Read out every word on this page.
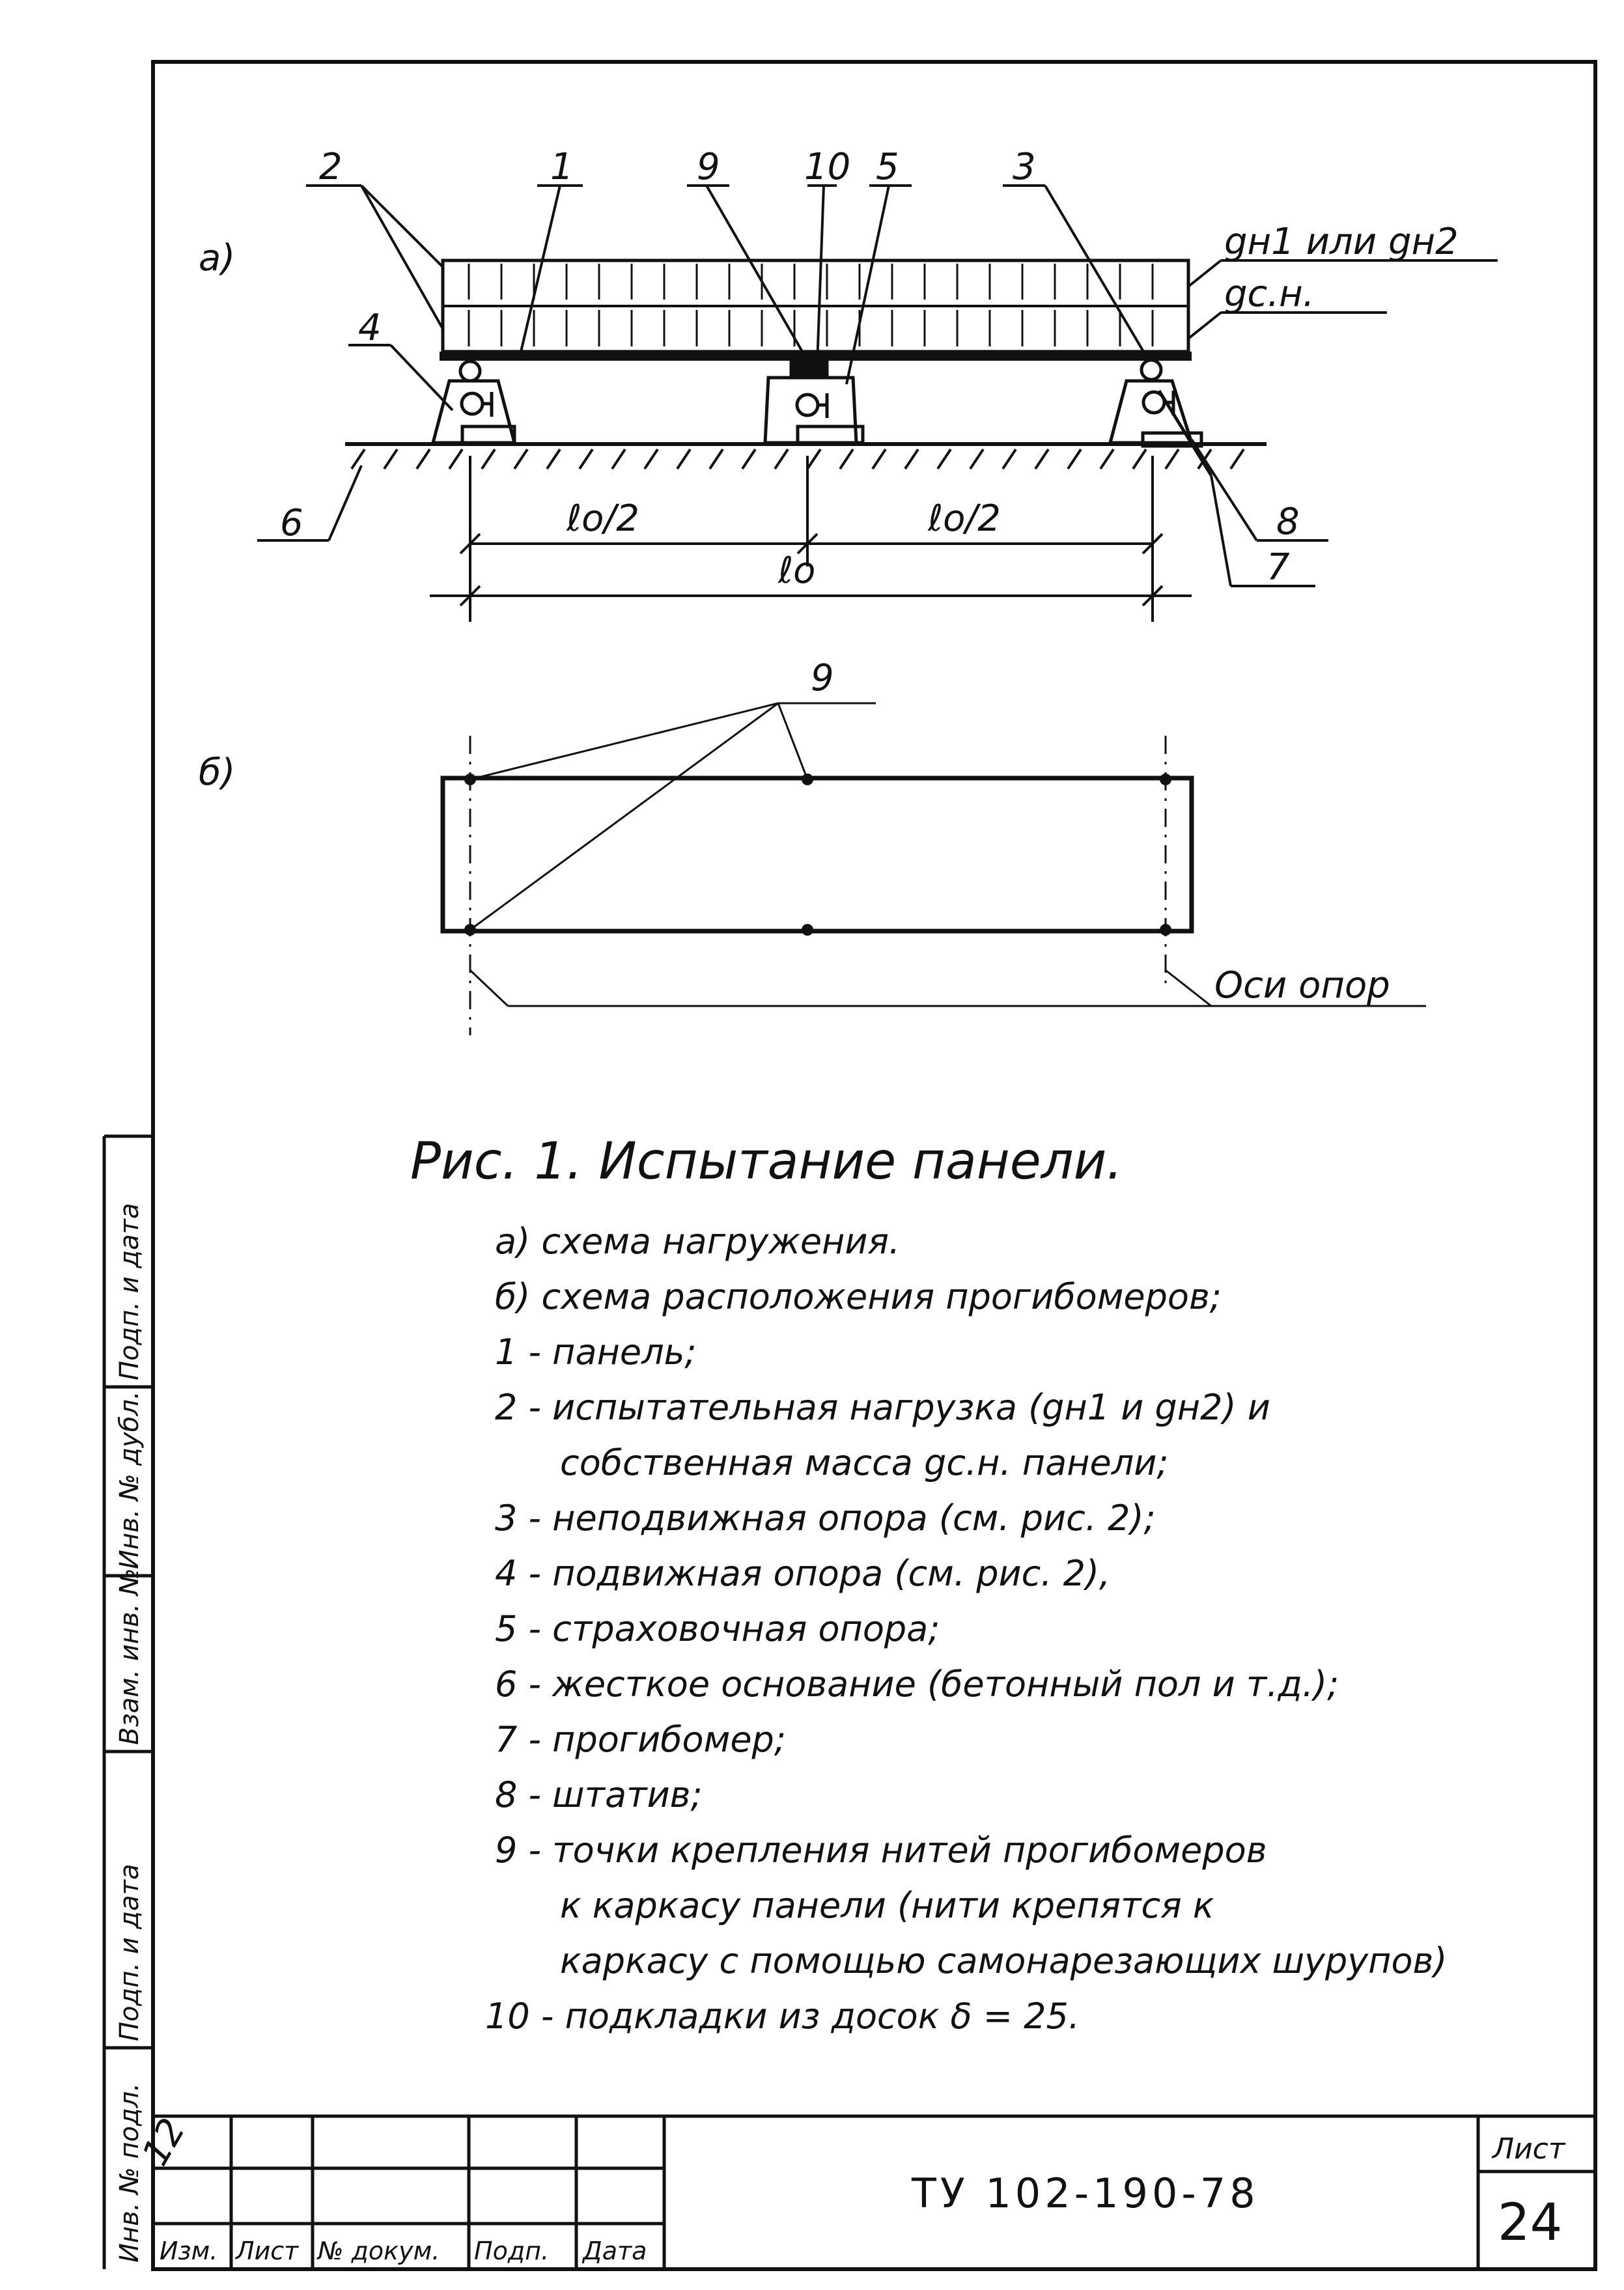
а)
2	1	9 10 5	3
4
6	8
7
gн1 или gн2
gс.н.
ℓо/2	ℓо/2
ℓо
б)
9
Оси опор
Рис. 1. Испытание панели.
а) схема нагружения.
б) схема расположения прогибомеров;
1 - панель;
2 - испытательная нагрузка (gн1 и gн2) и
собственная масса gс.н. панели;
3 - неподвижная опора (см. рис. 2);
4 - подвижная опора (см. рис. 2),
5 - страховочная опора;
6 - жесткое основание (бетонный пол и т.д.);
7 - прогибомер;
8 - штатив;
9 - точки крепления нитей прогибомеров
к каркасу панели (нити крепятся к
каркасу с помощью самонарезающих шурупов)
10 - подкладки из досок δ = 25.
Инв. № подл.
Подп. и дата
Взам. инв. №
Инв. № дубл.
Подп. и дата
12
Изм. Лист № докум. Подп. Дата
ТУ 102-190-78
Лист
24
